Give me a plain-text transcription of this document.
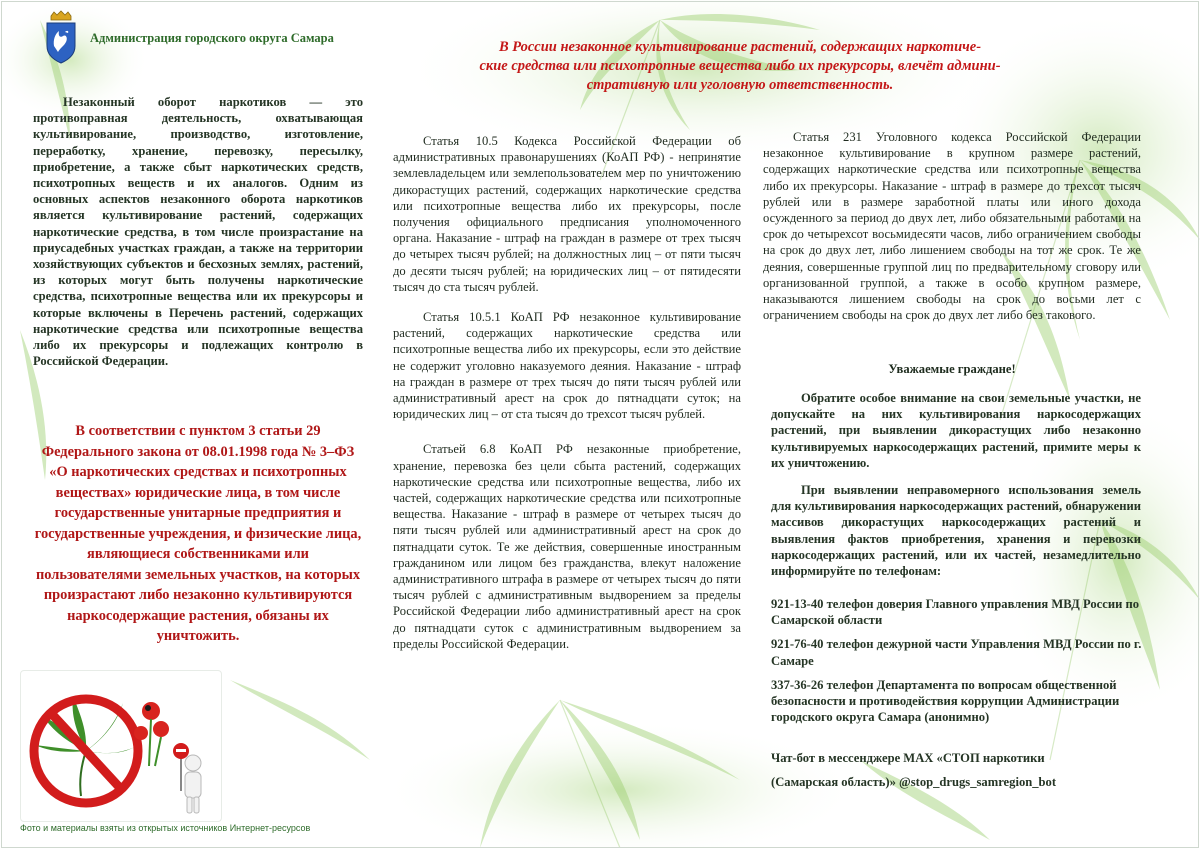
Администрация городского округа Самара
В России незаконное культивирование растений, содержащих наркотиче-
ские средства или психотропные вещества либо их прекурсоры, влечёт админи-
стративную или уголовную ответственность.

Незаконный оборот наркотиков — это противоправная деятельность, охватывающая культивирование, производство, изготовление, переработку, хранение, перевозку, пересылку, приобретение, а также сбыт наркотических средств, психотропных веществ и их аналогов. Одним из основных аспектов незаконного оборота наркотиков является культивирование растений, содержащих наркотические средства, в том числе произрастание на приусадебных участках граждан, а также на территории хозяйствующих субъектов и бесхозных землях, растений, из которых могут быть получены наркотические средства, психотропные вещества или их прекурсоры и которые включены в Перечень растений, содержащих наркотические средства или психотропные вещества либо их прекурсоры и подлежащих контролю в Российской Федерации.

В соответствии с пунктом 3 статьи 29 Федерального закона от 08.01.1998 года № 3–ФЗ «О наркотических средствах и психотропных веществах» юридические лица, в том числе государственные унитарные предприятия и государственные учреждения, и физические лица, являющиеся собственниками или пользователями земельных участков, на которых произрастают либо незаконно культивируются наркосодержащие растения, обязаны их уничтожить.
Фото и материалы взяты из открытых источников Интернет-ресурсов

Статья 10.5 Кодекса Российской Федерации об административных правонарушениях (КоАП РФ) - непринятие землевладельцем или землепользователем мер по уничтожению дикорастущих растений, содержащих наркотические средства или психотропные вещества либо их прекурсоры, после получения официального предписания уполномоченного органа. Наказание - штраф на граждан в размере от трех тысяч до четырех тысяч рублей; на должностных лиц – от пяти тысяч до десяти тысяч рублей; на юридических лиц – от пятидесяти тысяч до ста тысяч рублей.

Статья 10.5.1 КоАП РФ незаконное культивирование растений, содержащих наркотические средства или психотропные вещества либо их прекурсоры, если это действие не содержит уголовно наказуемого деяния. Наказание - штраф на граждан в размере от трех тысяч до пяти тысяч рублей или административный арест на срок до пятнадцати суток; на юридических лиц – от ста тысяч до трехсот тысяч рублей.

Статьей 6.8 КоАП РФ незаконные приобретение, хранение, перевозка без цели сбыта растений, содержащих наркотические средства или психотропные вещества, либо их частей, содержащих наркотические средства или психотропные вещества. Наказание - штраф в размере от четырех тысяч до пяти тысяч рублей или административный арест на срок до пятнадцати суток. Те же действия, совершенные иностранным гражданином или лицом без гражданства, влекут наложение административного штрафа в размере от четырех тысяч до пяти тысяч рублей с административным выдворением за пределы Российской Федерации либо административный арест на срок до пятнадцати суток с административным выдворением за пределы Российской Федерации.

Статья 231 Уголовного кодекса Российской Федерации незаконное культивирование в крупном размере растений, содержащих наркотические средства или психотропные вещества либо их прекурсоры. Наказание - штраф в размере до трехсот тысяч рублей или в размере заработной платы или иного дохода осужденного за период до двух лет, либо обязательными работами на срок до четырехсот восьмидесяти часов, либо ограничением свободы на срок до двух лет, либо лишением свободы на тот же срок. Те же деяния, совершенные группой лиц по предварительному сговору или организованной группой, а также в особо крупном размере, наказываются лишением свободы на срок до восьми лет с ограничением свободы на срок до двух лет либо без такового.

Уважаемые граждане!

Обратите особое внимание на свои земельные участки, не допускайте на них культивирования наркосодержащих растений, при выявлении дикорастущих либо незаконно культивируемых наркосодержащих растений, примите меры к их уничтожению.

При выявлении неправомерного использования земель для культивирования наркосодержащих растений, обнаружении массивов дикорастущих наркосодержащих растений и выявления фактов приобретения, хранения и перевозки наркосодержащих растений, или их частей, незамедлительно информируйте по телефонам:

921-13-40 телефон доверия Главного управления МВД России по Самарской области
921-76-40 телефон дежурной части Управления МВД России по г. Самаре
337-36-26 телефон Департамента по вопросам общественной безопасности и противодействия коррупции Администрации городского округа Самара (анонимно)
Чат-бот в мессенджере MAX «СТОП наркотики
(Самарская область)» @stop_drugs_samregion_bot
